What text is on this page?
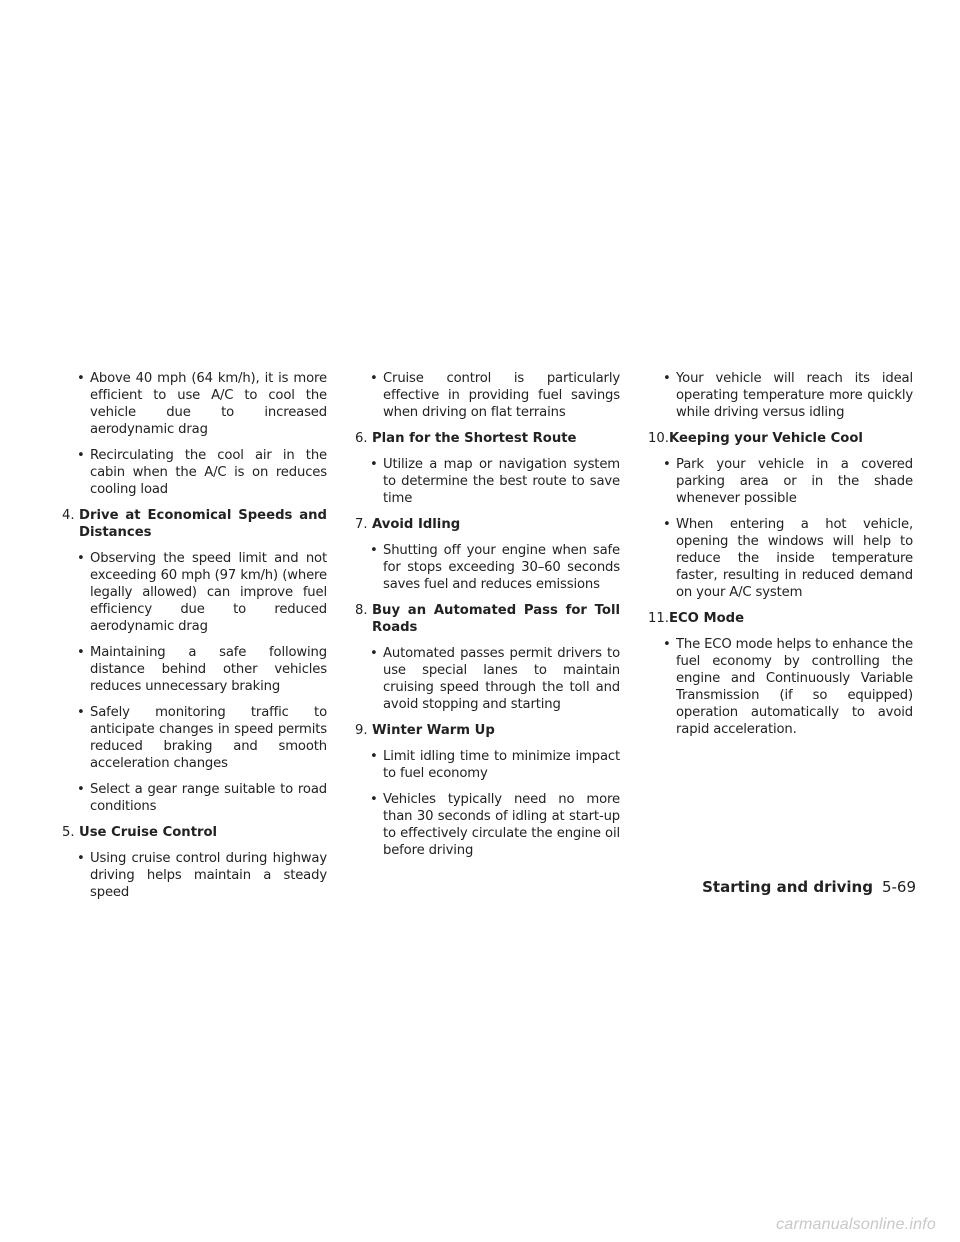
• Above 40 mph (64 km/h), it is more efficient to use A/C to cool the vehicle due to increased aerodynamic drag
• Recirculating the cool air in the cabin when the A/C is on reduces cooling load
4. Drive at Economical Speeds and Distances
• Observing the speed limit and not exceeding 60 mph (97 km/h) (where legally allowed) can improve fuel efficiency due to reduced aerodynamic drag
• Maintaining a safe following distance behind other vehicles reduces unnecessary braking
• Safely monitoring traffic to anticipate changes in speed permits reduced braking and smooth acceleration changes
• Select a gear range suitable to road conditions
5. Use Cruise Control
• Using cruise control during highway driving helps maintain a steady speed
• Cruise control is particularly effective in providing fuel savings when driving on flat terrains
6. Plan for the Shortest Route
• Utilize a map or navigation system to determine the best route to save time
7. Avoid Idling
• Shutting off your engine when safe for stops exceeding 30–60 seconds saves fuel and reduces emissions
8. Buy an Automated Pass for Toll Roads
• Automated passes permit drivers to use special lanes to maintain cruising speed through the toll and avoid stopping and starting
9. Winter Warm Up
• Limit idling time to minimize impact to fuel economy
• Vehicles typically need no more than 30 seconds of idling at start-up to effectively circulate the engine oil before driving
• Your vehicle will reach its ideal operating temperature more quickly while driving versus idling
10. Keeping your Vehicle Cool
• Park your vehicle in a covered parking area or in the shade whenever possible
• When entering a hot vehicle, opening the windows will help to reduce the inside temperature faster, resulting in reduced demand on your A/C system
11. ECO Mode
• The ECO mode helps to enhance the fuel economy by controlling the engine and Continuously Variable Transmission (if so equipped) operation automatically to avoid rapid acceleration.
Starting and driving 5-69
carmanualsonline.info
